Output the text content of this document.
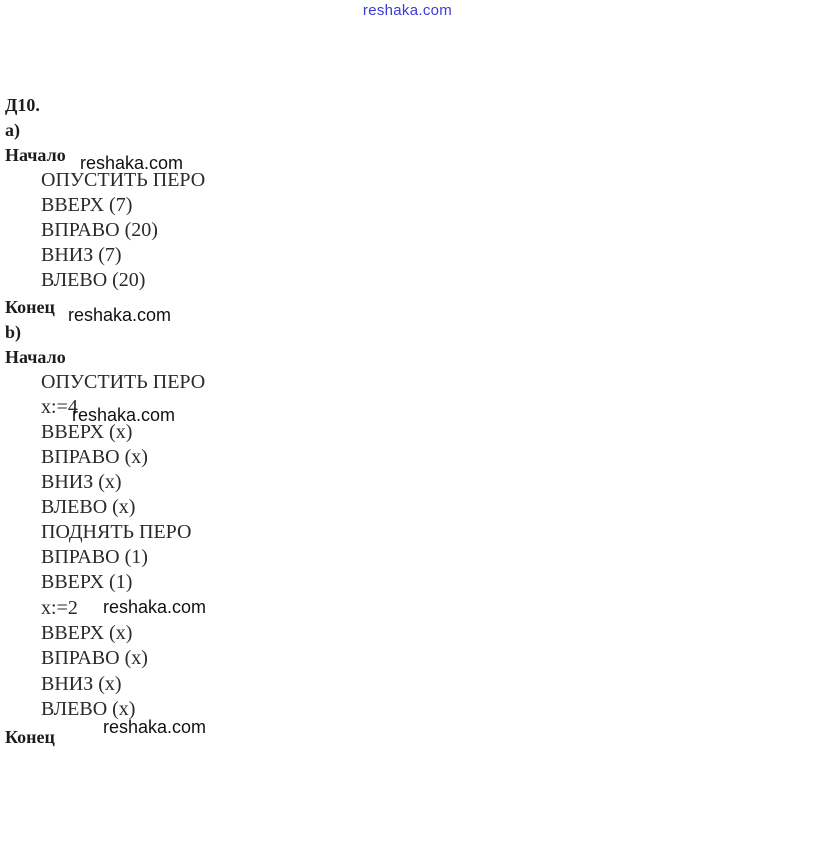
reshaka.com
Д10.
a)
Начало
ОПУСТИТЬ ПЕРО
ВВЕРХ (7)
ВПРАВО (20)
ВНИЗ (7)
ВЛЕВО (20)
Конец
b)
Начало
ОПУСТИТЬ ПЕРО
x:=4
ВВЕРХ (x)
ВПРАВО (x)
ВНИЗ (x)
ВЛЕВО (x)
ПОДНЯТЬ ПЕРО
ВПРАВО (1)
ВВЕРХ (1)
x:=2
ВВЕРХ (x)
ВПРАВО (x)
ВНИЗ (x)
ВЛЕВО (x)
Конец
reshaka.com
reshaka.com
reshaka.com
reshaka.com
reshaka.com
